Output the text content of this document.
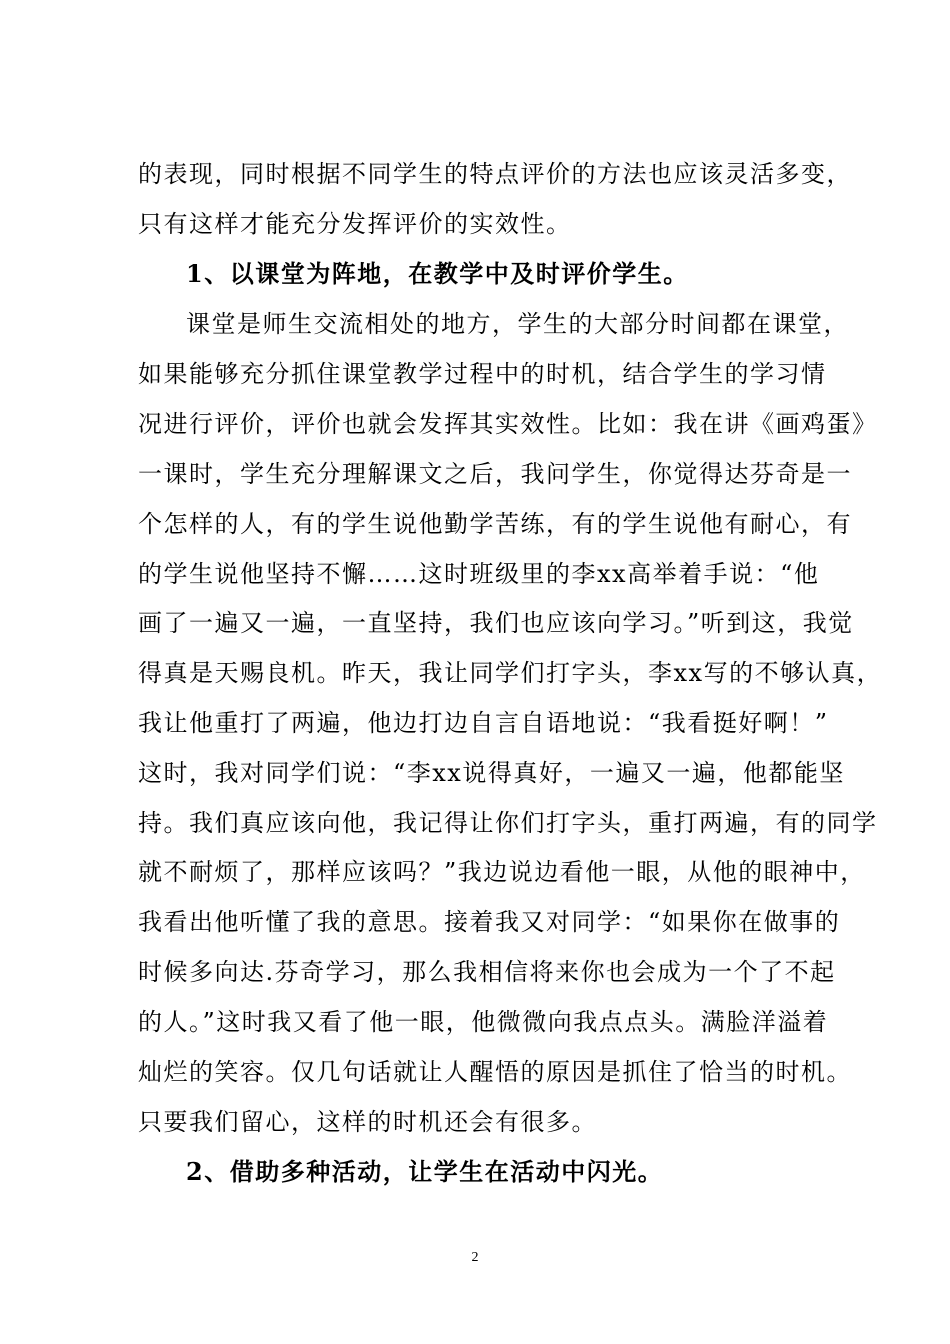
的表现，同时根据不同学生的特点评价的方法也应该灵活多变，
只有这样才能充分发挥评价的实效性。
1、以课堂为阵地，在教学中及时评价学生。
课堂是师生交流相处的地方，学生的大部分时间都在课堂，
如果能够充分抓住课堂教学过程中的时机，结合学生的学习情
况进行评价，评价也就会发挥其实效性。比如：我在讲《画鸡蛋》
一课时，学生充分理解课文之后，我问学生，你觉得达芬奇是一
个怎样的人，有的学生说他勤学苦练，有的学生说他有耐心，有
的学生说他坚持不懈……这时班级里的李xx高举着手说：“他
画了一遍又一遍，一直坚持，我们也应该向学习。”听到这，我觉
得真是天赐良机。昨天，我让同学们打字头，李xx写的不够认真，
我让他重打了两遍，他边打边自言自语地说：“我看挺好啊！”
这时，我对同学们说：“李xx说得真好，一遍又一遍，他都能坚
持。我们真应该向他，我记得让你们打字头，重打两遍，有的同学
就不耐烦了，那样应该吗？”我边说边看他一眼，从他的眼神中，
我看出他听懂了我的意思。接着我又对同学：“如果你在做事的
时候多向达.芬奇学习，那么我相信将来你也会成为一个了不起
的人。”这时我又看了他一眼，他微微向我点点头。满脸洋溢着
灿烂的笑容。仅几句话就让人醒悟的原因是抓住了恰当的时机。
只要我们留心，这样的时机还会有很多。
2、借助多种活动，让学生在活动中闪光。
2
